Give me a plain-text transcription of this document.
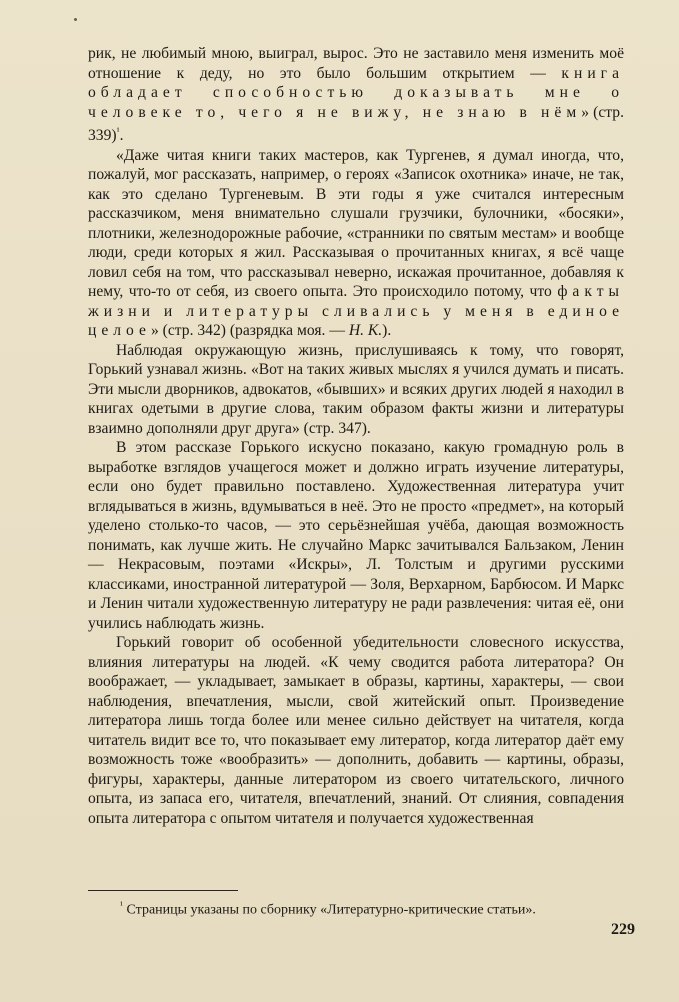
рик, не любимый мною, выиграл, вырос. Это не заставило меня изменить моё отношение к деду, но это было большим открытием — книга обладает способностью доказывать мне о человеке то, чего я не вижу, не знаю в нём» (стр. 339)$^{^1}$.

«Даже читая книги таких мастеров, как Тургенев, я думал иногда, что, пожалуй, мог рассказать, например, о героях «Записок охотника» иначе, не так, как это сделано Тургеневым. В эти годы я уже считался интересным рассказчиком, меня внимательно слушали грузчики, булочники, «босяки», плотники, железнодорожные рабочие, «странники по святым местам» и вообще люди, среди которых я жил. Рассказывая о прочитанных книгах, я всё чаще ловил себя на том, что рассказывал неверно, искажая прочитанное, добавляя к нему, что-то от себя, из своего опыта. Это происходило потому, что факты жизни и литературы сливались у меня в единое целое» (стр. 342) (разрядка моя. — Н. К.).

Наблюдая окружающую жизнь, прислушиваясь к тому, что говорят, Горький узнавал жизнь. «Вот на таких живых мыслях я учился думать и писать. Эти мысли дворников, адвокатов, «бывших» и всяких других людей я находил в книгах одетыми в другие слова, таким образом факты жизни и литературы взаимно дополняли друг друга» (стр. 347).

В этом рассказе Горького искусно показано, какую громадную роль в выработке взглядов учащегося может и должно играть изучение литературы, если оно будет правильно поставлено. Художественная литература учит вглядываться в жизнь, вдумываться в неё. Это не просто «предмет», на который уделено столько-то часов, — это серьёзнейшая учёба, дающая возможность понимать, как лучше жить. Не случайно Маркс зачитывался Бальзаком, Ленин — Некрасовым, поэтами «Искры», Л. Толстым и другими русскими классиками, иностранной литературой — Золя, Верхарном, Барбюсом. И Маркс и Ленин читали художественную литературу не ради развлечения: читая её, они учились наблюдать жизнь.

Горький говорит об особенной убедительности словесного искусства, влияния литературы на людей. «К чему сводится работа литератора? Он воображает, — укладывает, замыкает в образы, картины, характеры, — свои наблюдения, впечатления, мысли, свой житейский опыт. Произведение литератора лишь тогда более или менее сильно действует на читателя, когда читатель видит все то, что показывает ему литератор, когда литератор даёт ему возможность тоже «вообразить» — дополнить, добавить — картины, образы, фигуры, характеры, данные литератором из своего читательского, личного опыта, из запаса его, читателя, впечатлений, знаний. От слияния, совпадения опыта литератора с опытом читателя и получается художественная

$^{^1}$ Страницы указаны по сборнику «Литературно-критические статьи».
229
